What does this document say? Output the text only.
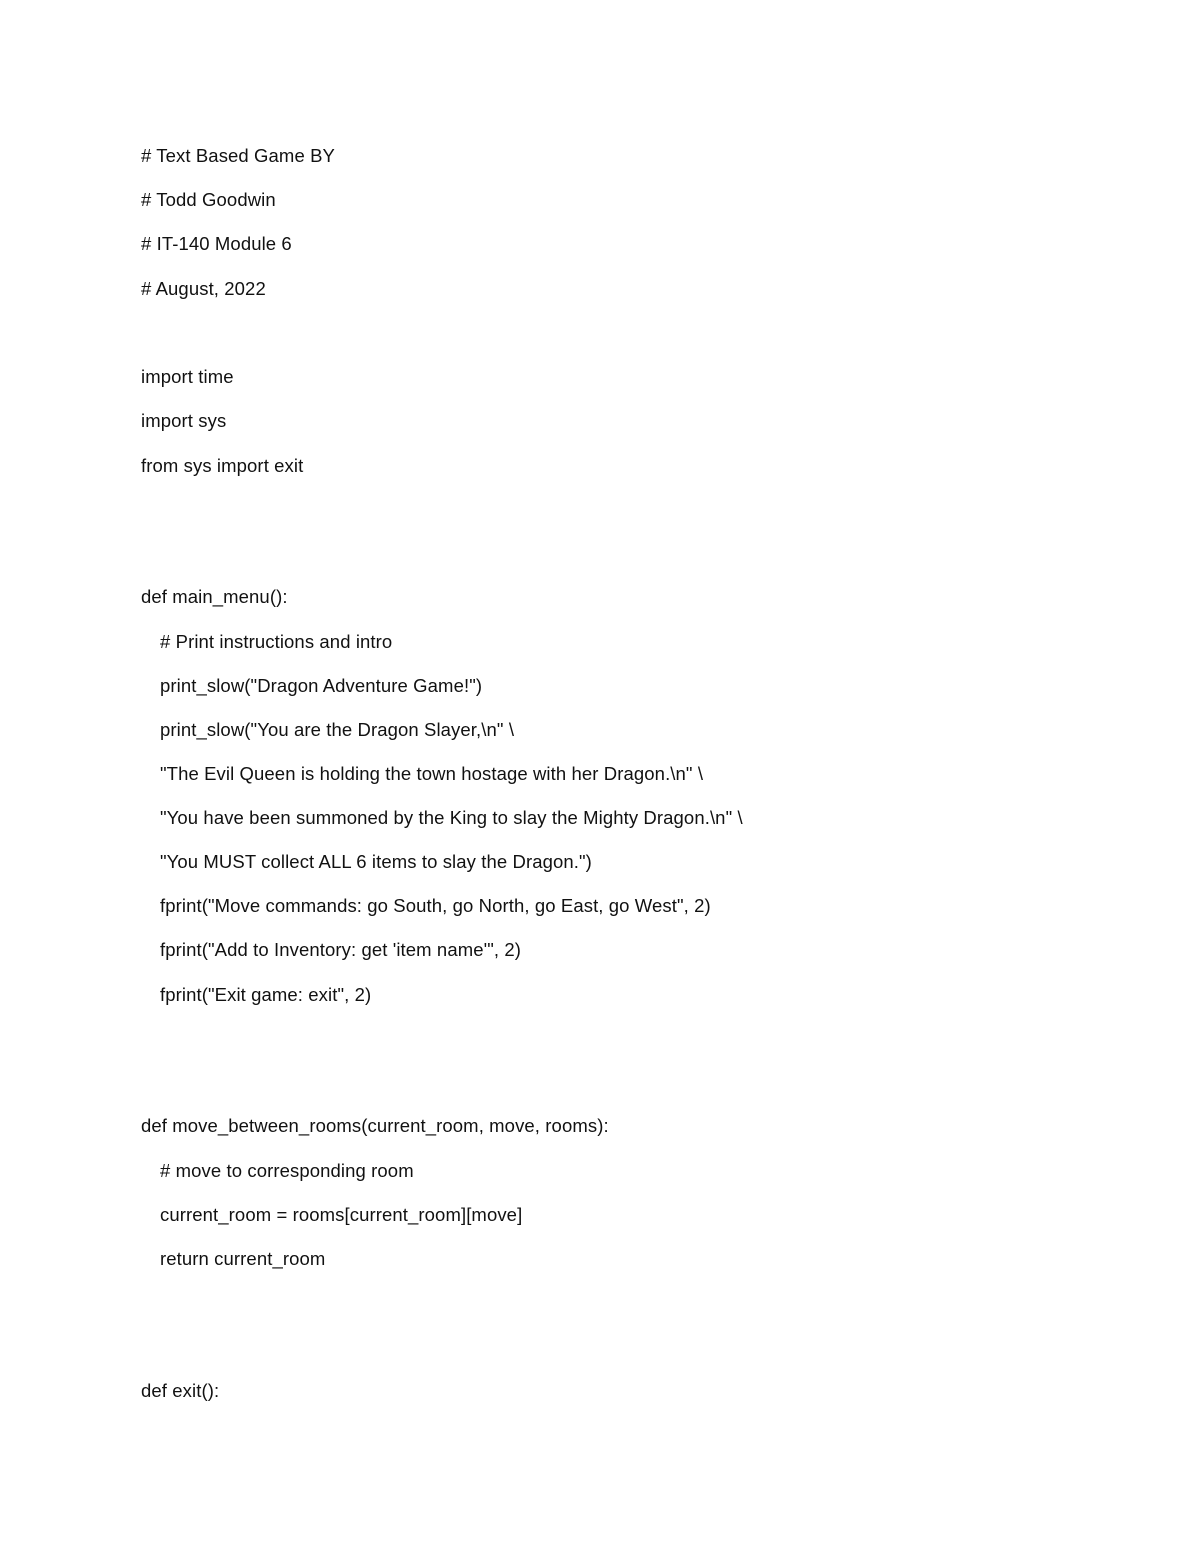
# Text Based Game BY
# Todd Goodwin
# IT-140 Module 6
# August, 2022
import time
import sys
from sys import exit
def main_menu():
# Print instructions and intro
print_slow("Dragon Adventure Game!")
print_slow("You are the Dragon Slayer,\n" \
"The Evil Queen is holding the town hostage with her Dragon.\n" \
"You have been summoned by the King to slay the Mighty Dragon.\n" \
"You MUST collect ALL 6 items to slay the Dragon.")
fprint("Move commands: go South, go North, go East, go West", 2)
fprint("Add to Inventory: get 'item name'", 2)
fprint("Exit game: exit", 2)
def move_between_rooms(current_room, move, rooms):
# move to corresponding room
current_room = rooms[current_room][move]
return current_room
def exit():
